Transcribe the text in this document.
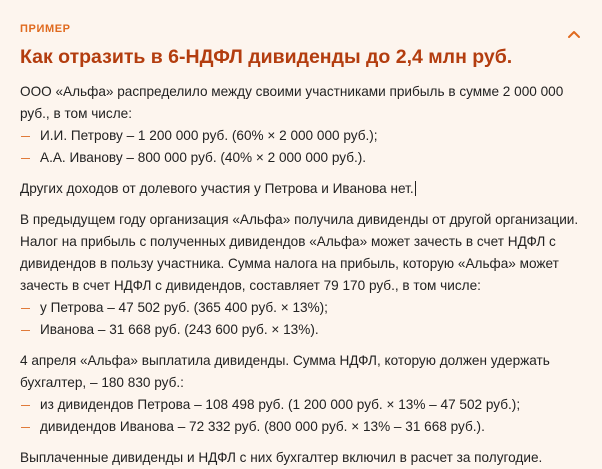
ПРИМЕР
Как отразить в 6-НДФЛ дивиденды до 2,4 млн руб.

ООО «Альфа» распределило между своими участниками прибыль в сумме 2 000 000 руб., в том числе:

И.И. Петрову – 1 200 000 руб. (60% × 2 000 000 руб.);
А.А. Иванову – 800 000 руб. (40% × 2 000 000 руб.).

Других доходов от долевого участия у Петрова и Иванова нет.

В предыдущем году организация «Альфа» получила дивиденды от другой организации. Налог на прибыль с полученных дивидендов «Альфа» может зачесть в счет НДФЛ с дивидендов в пользу участника. Сумма налога на прибыль, которую «Альфа» может зачесть в счет НДФЛ с дивидендов, составляет 79 170 руб., в том числе:

у Петрова – 47 502 руб. (365 400 руб. × 13%);
Иванова – 31 668 руб. (243 600 руб. × 13%).

4 апреля «Альфа» выплатила дивиденды. Сумма НДФЛ, которую должен удержать бухгалтер, – 180 830 руб.:

из дивидендов Петрова – 108 498 руб. (1 200 000 руб. × 13% – 47 502 руб.);
дивидендов Иванова – 72 332 руб. (800 000 руб. × 13% – 31 668 руб.).

Выплаченные дивиденды и НДФЛ с них бухгалтер включил в расчет за полугодие.
